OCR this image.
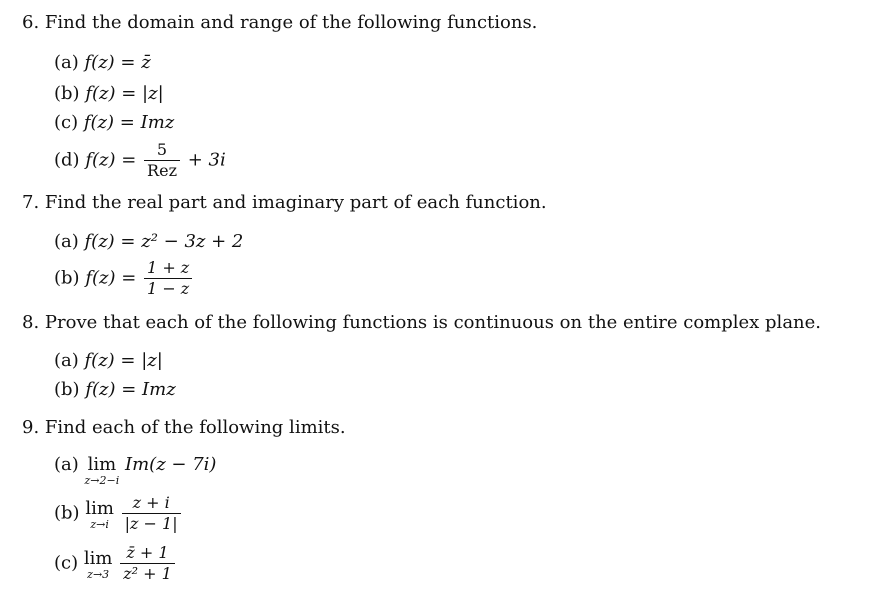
6. Find the domain and range of the following functions.
(a) f(z) = z̄
(b) f(z) = |z|
(c) f(z) = Imz
(d) $f(z) = \frac{5}{\text{Rez}} + 3i$
7. Find the real part and imaginary part of each function.
(a) f(z) = z² − 3z + 2
(b) $f(z) = \frac{1 + z}{1 - z}$
8. Prove that each of the following functions is continuous on the entire complex plane.
(a) f(z) = |z|
(b) f(z) = Imz
9. Find each of the following limits.
(a) lim
z→2−i
Im(z − 7i)
(b) lim
z→i
$\frac{z + i}{|z - 1|}$
(c) lim
z→3
$\frac{z̄ + 1}{\text{z² + 1}}$
